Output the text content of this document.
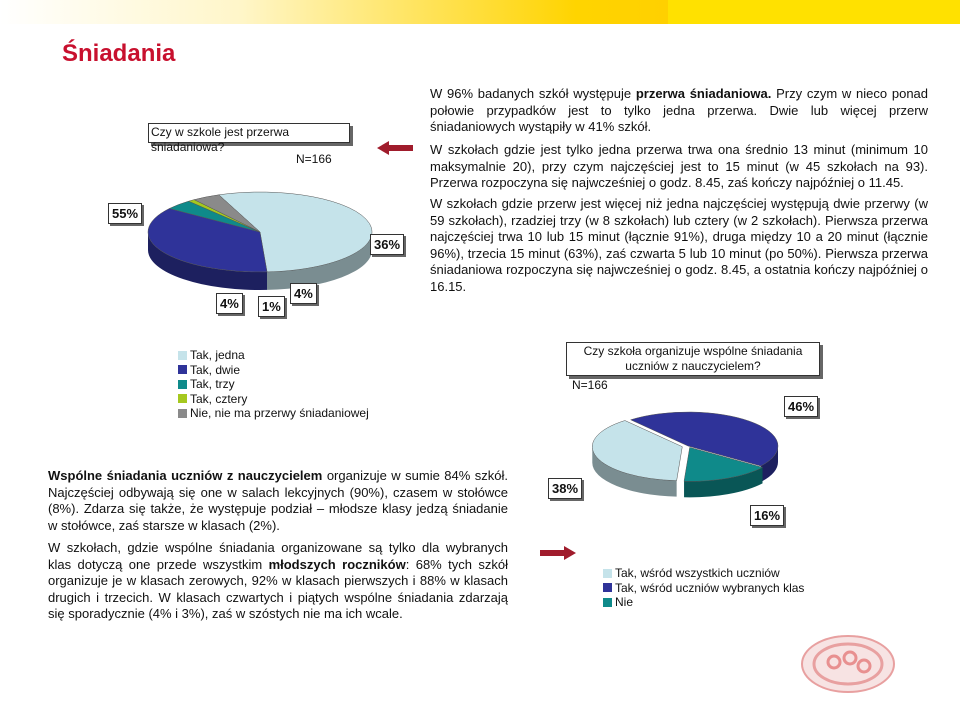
Śniadania
Czy w szkole jest przerwa śniadaniowa?
N=166
55%
36%
4%
1%
4%
Tak, jedna
Tak, dwie
Tak, trzy
Tak, cztery
Nie, nie ma przerwy śniadaniowej

W 96% badanych szkół występuje przerwa śniadaniowa. Przy czym w nieco ponad połowie przypadków jest to tylko jedna przerwa. Dwie lub więcej przerw śniadaniowych wystąpiły w 41% szkół.

W szkołach gdzie jest tylko jedna przerwa trwa ona średnio 13 minut (minimum 10 maksymalnie 20), przy czym najczęściej jest to 15 minut (w 45 szkołach na 93). Przerwa rozpoczyna się najwcześniej o godz. 8.45, zaś kończy najpóźniej o 11.45.

W szkołach gdzie przerw jest więcej niż jedna najczęściej występują dwie przerwy (w 59 szkołach), rzadziej trzy (w 8 szkołach) lub cztery (w 2 szkołach). Pierwsza przerwa najczęściej trwa 10 lub 15 minut (łącznie 91%), druga między 10 a 20 minut (łącznie 96%), trzecia 15 minut (63%), zaś czwarta 5 lub 10 minut (po 50%). Pierwsza przerwa śniadaniowa rozpoczyna się najwcześniej o godz. 8.45, a ostatnia kończy najpóźniej o 16.15.

Czy szkoła organizuje wspólne śniadania uczniów z nauczycielem?
N=166
38%
46%
16%
Tak, wśród wszystkich uczniów
Tak, wśród uczniów wybranych klas
Nie

Wspólne śniadania uczniów z nauczycielem organizuje w sumie 84% szkół. Najczęściej odbywają się one w salach lekcyjnych (90%), czasem w stołówce (8%). Zdarza się także, że występuje podział – młodsze klasy jedzą śniadanie w stołówce, zaś starsze w klasach (2%).

W szkołach, gdzie wspólne śniadania organizowane są tylko dla wybranych klas dotyczą one przede wszystkim młodszych roczników: 68% tych szkół organizuje je w klasach zerowych, 92% w klasach pierwszych i 88% w klasach drugich i trzecich. W klasach czwartych i piątych wspólne śniadania zdarzają się sporadycznie (4% i 3%), zaś w szóstych nie ma ich wcale.
